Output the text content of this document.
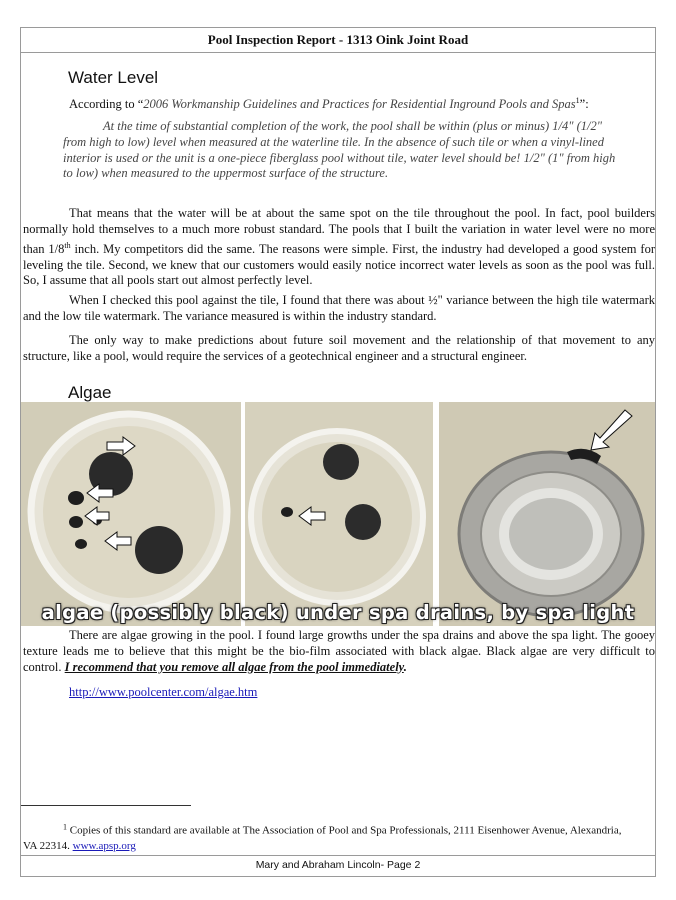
Pool Inspection Report - 1313 Oink Joint Road
Water Level
According to “2006 Workmanship Guidelines and Practices for Residential Inground Pools and Spas$^1$”:
At the time of substantial completion of the work, the pool shall be within (plus or minus) 1/4" (1/2" from high to low) level when measured at the waterline tile. In the absence of such tile or when a vinyl-lined interior is used or the unit is a one-piece fiberglass pool without tile, water level should be! 1/2" (1" from high to low) when measured to the uppermost surface of the structure.
That means that the water will be at about the same spot on the tile throughout the pool. In fact, pool builders normally hold themselves to a much more robust standard. The pools that I built the variation in water level were no more than 1/8th inch. My competitors did the same. The reasons were simple. First, the industry had developed a good system for leveling the tile. Second, we knew that our customers would easily notice incorrect water levels as soon as the pool was full. So, I assume that all pools start out almost perfectly level.
When I checked this pool against the tile, I found that there was about ½" variance between the high tile watermark and the low tile watermark. The variance measured is within the industry standard.
The only way to make predictions about future soil movement and the relationship of that movement to any structure, like a pool, would require the services of a geotechnical engineer and a structural engineer.
Algae
algae (possibly black) under spa drains, by spa light
There are algae growing in the pool. I found large growths under the spa drains and above the spa light. The gooey texture leads me to believe that this might be the bio-film associated with black algae. Black algae are very difficult to control. I recommend that you remove all algae from the pool immediately.
http://www.poolcenter.com/algae.htm
$^1$ Copies of this standard are available at The Association of Pool and Spa Professionals, 2111 Eisenhower Avenue, Alexandria, VA 22314. www.apsp.org
Mary and Abraham Lincoln- Page 2
